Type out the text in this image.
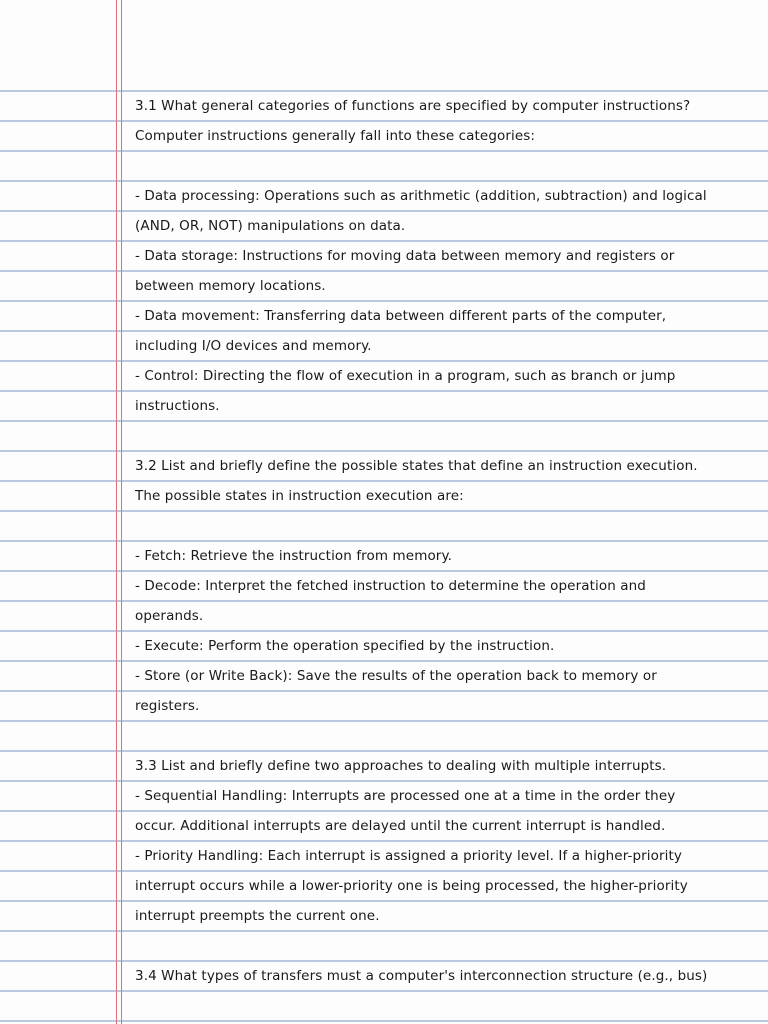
3.1 What general categories of functions are specified by computer instructions?
Computer instructions generally fall into these categories:
- Data processing: Operations such as arithmetic (addition, subtraction) and logical
(AND, OR, NOT) manipulations on data.
- Data storage: Instructions for moving data between memory and registers or
between memory locations.
- Data movement: Transferring data between different parts of the computer,
including I/O devices and memory.
- Control: Directing the flow of execution in a program, such as branch or jump
instructions.
3.2 List and briefly define the possible states that define an instruction execution.
The possible states in instruction execution are:
- Fetch: Retrieve the instruction from memory.
- Decode: Interpret the fetched instruction to determine the operation and
operands.
- Execute: Perform the operation specified by the instruction.
- Store (or Write Back): Save the results of the operation back to memory or
registers.
3.3 List and briefly define two approaches to dealing with multiple interrupts.
- Sequential Handling: Interrupts are processed one at a time in the order they
occur. Additional interrupts are delayed until the current interrupt is handled.
- Priority Handling: Each interrupt is assigned a priority level. If a higher-priority
interrupt occurs while a lower-priority one is being processed, the higher-priority
interrupt preempts the current one.
3.4 What types of transfers must a computer's interconnection structure (e.g., bus)
